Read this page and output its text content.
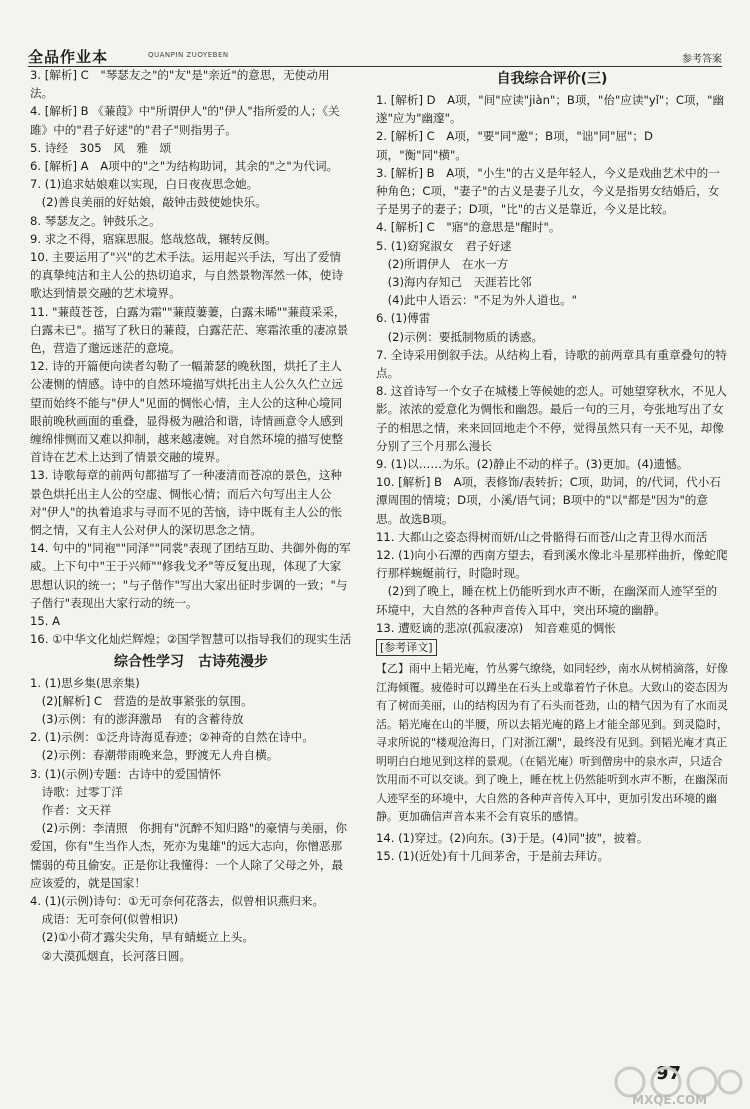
全品作业本	QUANPIN ZUOYEBEN	参考答案

3. [解析] C　"琴瑟友之"的"友"是"亲近"的意思，无使动用法。

4. [解析] B 《蒹葭》中"所谓伊人"的"伊人"指所爱的人；《关雎》中的"君子好逑"的"君子"则指男子。

5. 诗经　305　风　雅　颂

6. [解析] A　A项中的"之"为结构助词，其余的"之"为代词。

7. (1)追求姑娘难以实现，白日夜夜思念她。

　(2)善良美丽的好姑娘，敲钟击鼓使她快乐。

8. 琴瑟友之。钟鼓乐之。

9. 求之不得，寤寐思服。悠哉悠哉，辗转反侧。

10. 主要运用了"兴"的艺术手法。运用起兴手法，写出了爱情的真挚纯洁和主人公的热切追求，与自然景物浑然一体，使诗歌达到情景交融的艺术境界。

11. "蒹葭苍苍，白露为霜""蒹葭萋萋，白露未晞""蒹葭采采，白露未已"。描写了秋日的蒹葭，白露茫茫、寒霜浓重的凄凉景色，营造了邈远迷茫的意境。

12. 诗的开篇便向读者勾勒了一幅萧瑟的晚秋图，烘托了主人公凄恻的情感。诗中的自然环境描写烘托出主人公久久伫立远望而始终不能与"伊人"见面的惆怅心情，主人公的这种心境同眼前晚秋画面的重叠，显得极为融洽和谐，诗情画意令人感到缠绵悱恻而又难以抑制，越来越凄婉。对自然环境的描写使整首诗在艺术上达到了情景交融的境界。

13. 诗歌每章的前两句都描写了一种凄清而苍凉的景色，这种景色烘托出主人公的空虚、惆怅心情；而后六句写出主人公对"伊人"的执着追求与寻而不见的苦恼，诗中既有主人公的怅惘之情，又有主人公对伊人的深切思念之情。

14. 句中的"同袍""同泽""同裳"表现了团结互助、共御外侮的军威。上下句中"王于兴师""修我戈矛"等反复出现，体现了大家思想认识的统一；"与子偕作"写出大家出征时步调的一致；"与子偕行"表现出大家行动的统一。

15. A

16. ①中华文化灿烂辉煌；②国学智慧可以指导我们的现实生活

综合性学习　古诗苑漫步

1. (1)思乡集(思亲集)

　(2)[解析] C　营造的是故事紧张的氛围。

　(3)示例：有的澎湃激昂　有的含蓄待放

2. (1)示例：①泛舟诗海觅春迹；②神奇的自然在诗中。

　(2)示例：春潮带雨晚来急，野渡无人舟自横。

3. (1)(示例)专题：古诗中的爱国情怀

　诗歌：过零丁洋

　作者：文天祥

　(2)示例：李清照　你拥有"沉醉不知归路"的豪情与美丽，你爱国，你有"生当作人杰，死亦为鬼雄"的远大志向，你憎恶那懦弱的苟且偷安。正是你让我懂得：一个人除了父母之外，最应该爱的，就是国家！

4. (1)(示例)诗句：①无可奈何花落去，似曾相识燕归来。

　成语：无可奈何(似曾相识)

　(2)①小荷才露尖尖角，早有蜻蜓立上头。

　②大漠孤烟直，长河落日圆。

自我综合评价(三)

1. [解析] D　A项，"间"应读"jiàn"；B项，"佁"应读"yǐ"；C项，"幽遂"应为"幽邃"。

2. [解析] C　A项，"要"同"邀"；B项，"诎"同"屈"；D项，"衡"同"横"。

3. [解析] B　A项，"小生"的古义是年轻人，今义是戏曲艺术中的一种角色；C项，"妻子"的古义是妻子儿女，今义是指男女结婚后，女子是男子的妻子；D项，"比"的古义是靠近，今义是比较。

4. [解析] C　"寤"的意思是"醒时"。

5. (1)窈窕淑女　君子好逑

　(2)所谓伊人　在水一方

　(3)海内存知己　天涯若比邻

　(4)此中人语云："不足为外人道也。"

6. (1)傅雷

　(2)示例：要抵制物质的诱惑。

7. 全诗采用倒叙手法。从结构上看，诗歌的前两章具有重章叠句的特点。

8. 这首诗写一个女子在城楼上等候她的恋人。可她望穿秋水，不见人影。浓浓的爱意化为惆怅和幽怨。最后一句的三月，夸张地写出了女子的相思之情，来来回回地走个不停，觉得虽然只有一天不见，却像分别了三个月那么漫长

9. (1)以……为乐。(2)静止不动的样子。(3)更加。(4)遗憾。

10. [解析] B　A项，表修饰/表转折；C项，助词，的/代词，代小石潭周围的情境；D项，小溪/语气词；B项中的"以"都是"因为"的意思。故选B项。

11. 大都山之姿态得树而妍/山之骨骼得石而苍/山之青卫得水而活

12. (1)向小石潭的西南方望去，看到溪水像北斗星那样曲折，像蛇爬行那样蜿蜒前行，时隐时现。

　(2)到了晚上，睡在枕上仍能听到水声不断，在幽深而人迹罕至的环境中，大自然的各种声音传入耳中，突出环境的幽静。

13. 遭贬谪的悲凉(孤寂凄凉)　知音难觅的惆怅

[参考译文]

【乙】雨中上韬光庵，竹丛雾气缭绕，如同轻纱，南水从树梢滴落，好像江海倾覆。疲倦时可以蹲坐在石头上或靠着竹子休息。大致山的姿态因为有了树而美丽，山的结构因为有了石头而苍劲，山的精气因为有了水而灵活。韬光庵在山的半腰，所以去韬光庵的路上才能全部见到。到灵隐时，寻求所说的"楼观沧海日，门对浙江潮"，最终没有见到。到韬光庵才真正明明白白地见到这样的景观。（在韬光庵）听到僧房中的泉水声，只适合饮用而不可以交谈。到了晚上，睡在枕上仍然能听到水声不断，在幽深而人迹罕至的环境中，大自然的各种声音传入耳中，更加引发出环境的幽静。更加确信声音本来不会有哀乐的感情。

14. (1)穿过。(2)向东。(3)于是。(4)同"披"，披着。

15. (1)(近处)有十几间茅舍，于是前去拜访。

97
MXQE.COM
